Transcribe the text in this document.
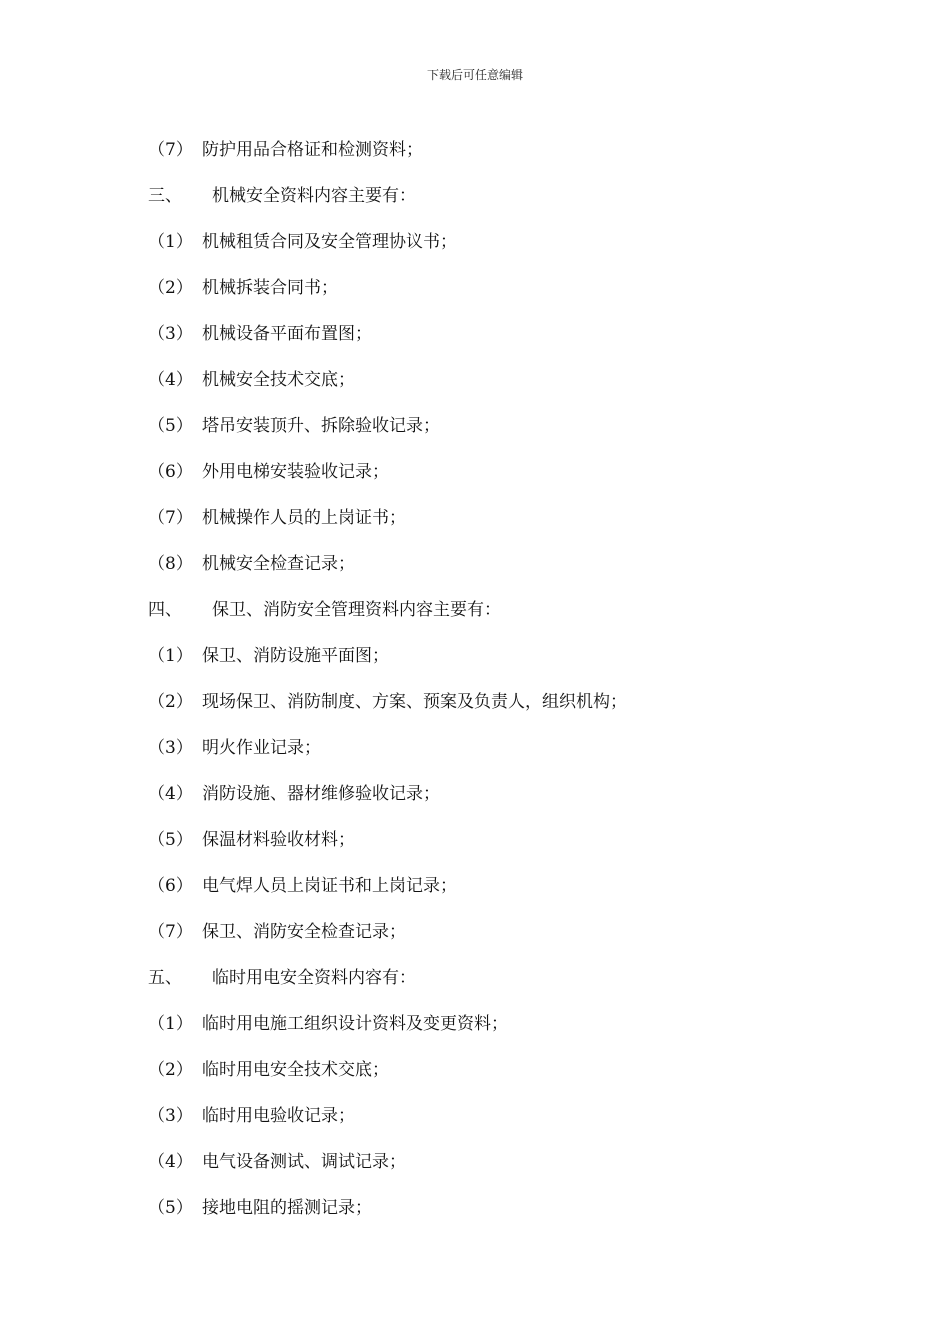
下载后可任意编辑
（7） 防护用品合格证和检测资料；
三、	机械安全资料内容主要有：
（1） 机械租赁合同及安全管理协议书；
（2） 机械拆装合同书；
（3） 机械设备平面布置图；
（4） 机械安全技术交底；
（5） 塔吊安装顶升、拆除验收记录；
（6） 外用电梯安装验收记录；
（7） 机械操作人员的上岗证书；
（8） 机械安全检查记录；
四、	保卫、消防安全管理资料内容主要有：
（1） 保卫、消防设施平面图；
（2） 现场保卫、消防制度、方案、预案及负责人，组织机构；
（3） 明火作业记录；
（4） 消防设施、器材维修验收记录；
（5） 保温材料验收材料；
（6） 电气焊人员上岗证书和上岗记录；
（7） 保卫、消防安全检查记录；
五、	临时用电安全资料内容有：
（1） 临时用电施工组织设计资料及变更资料；
（2） 临时用电安全技术交底；
（3） 临时用电验收记录；
（4） 电气设备测试、调试记录；
（5） 接地电阻的摇测记录；
